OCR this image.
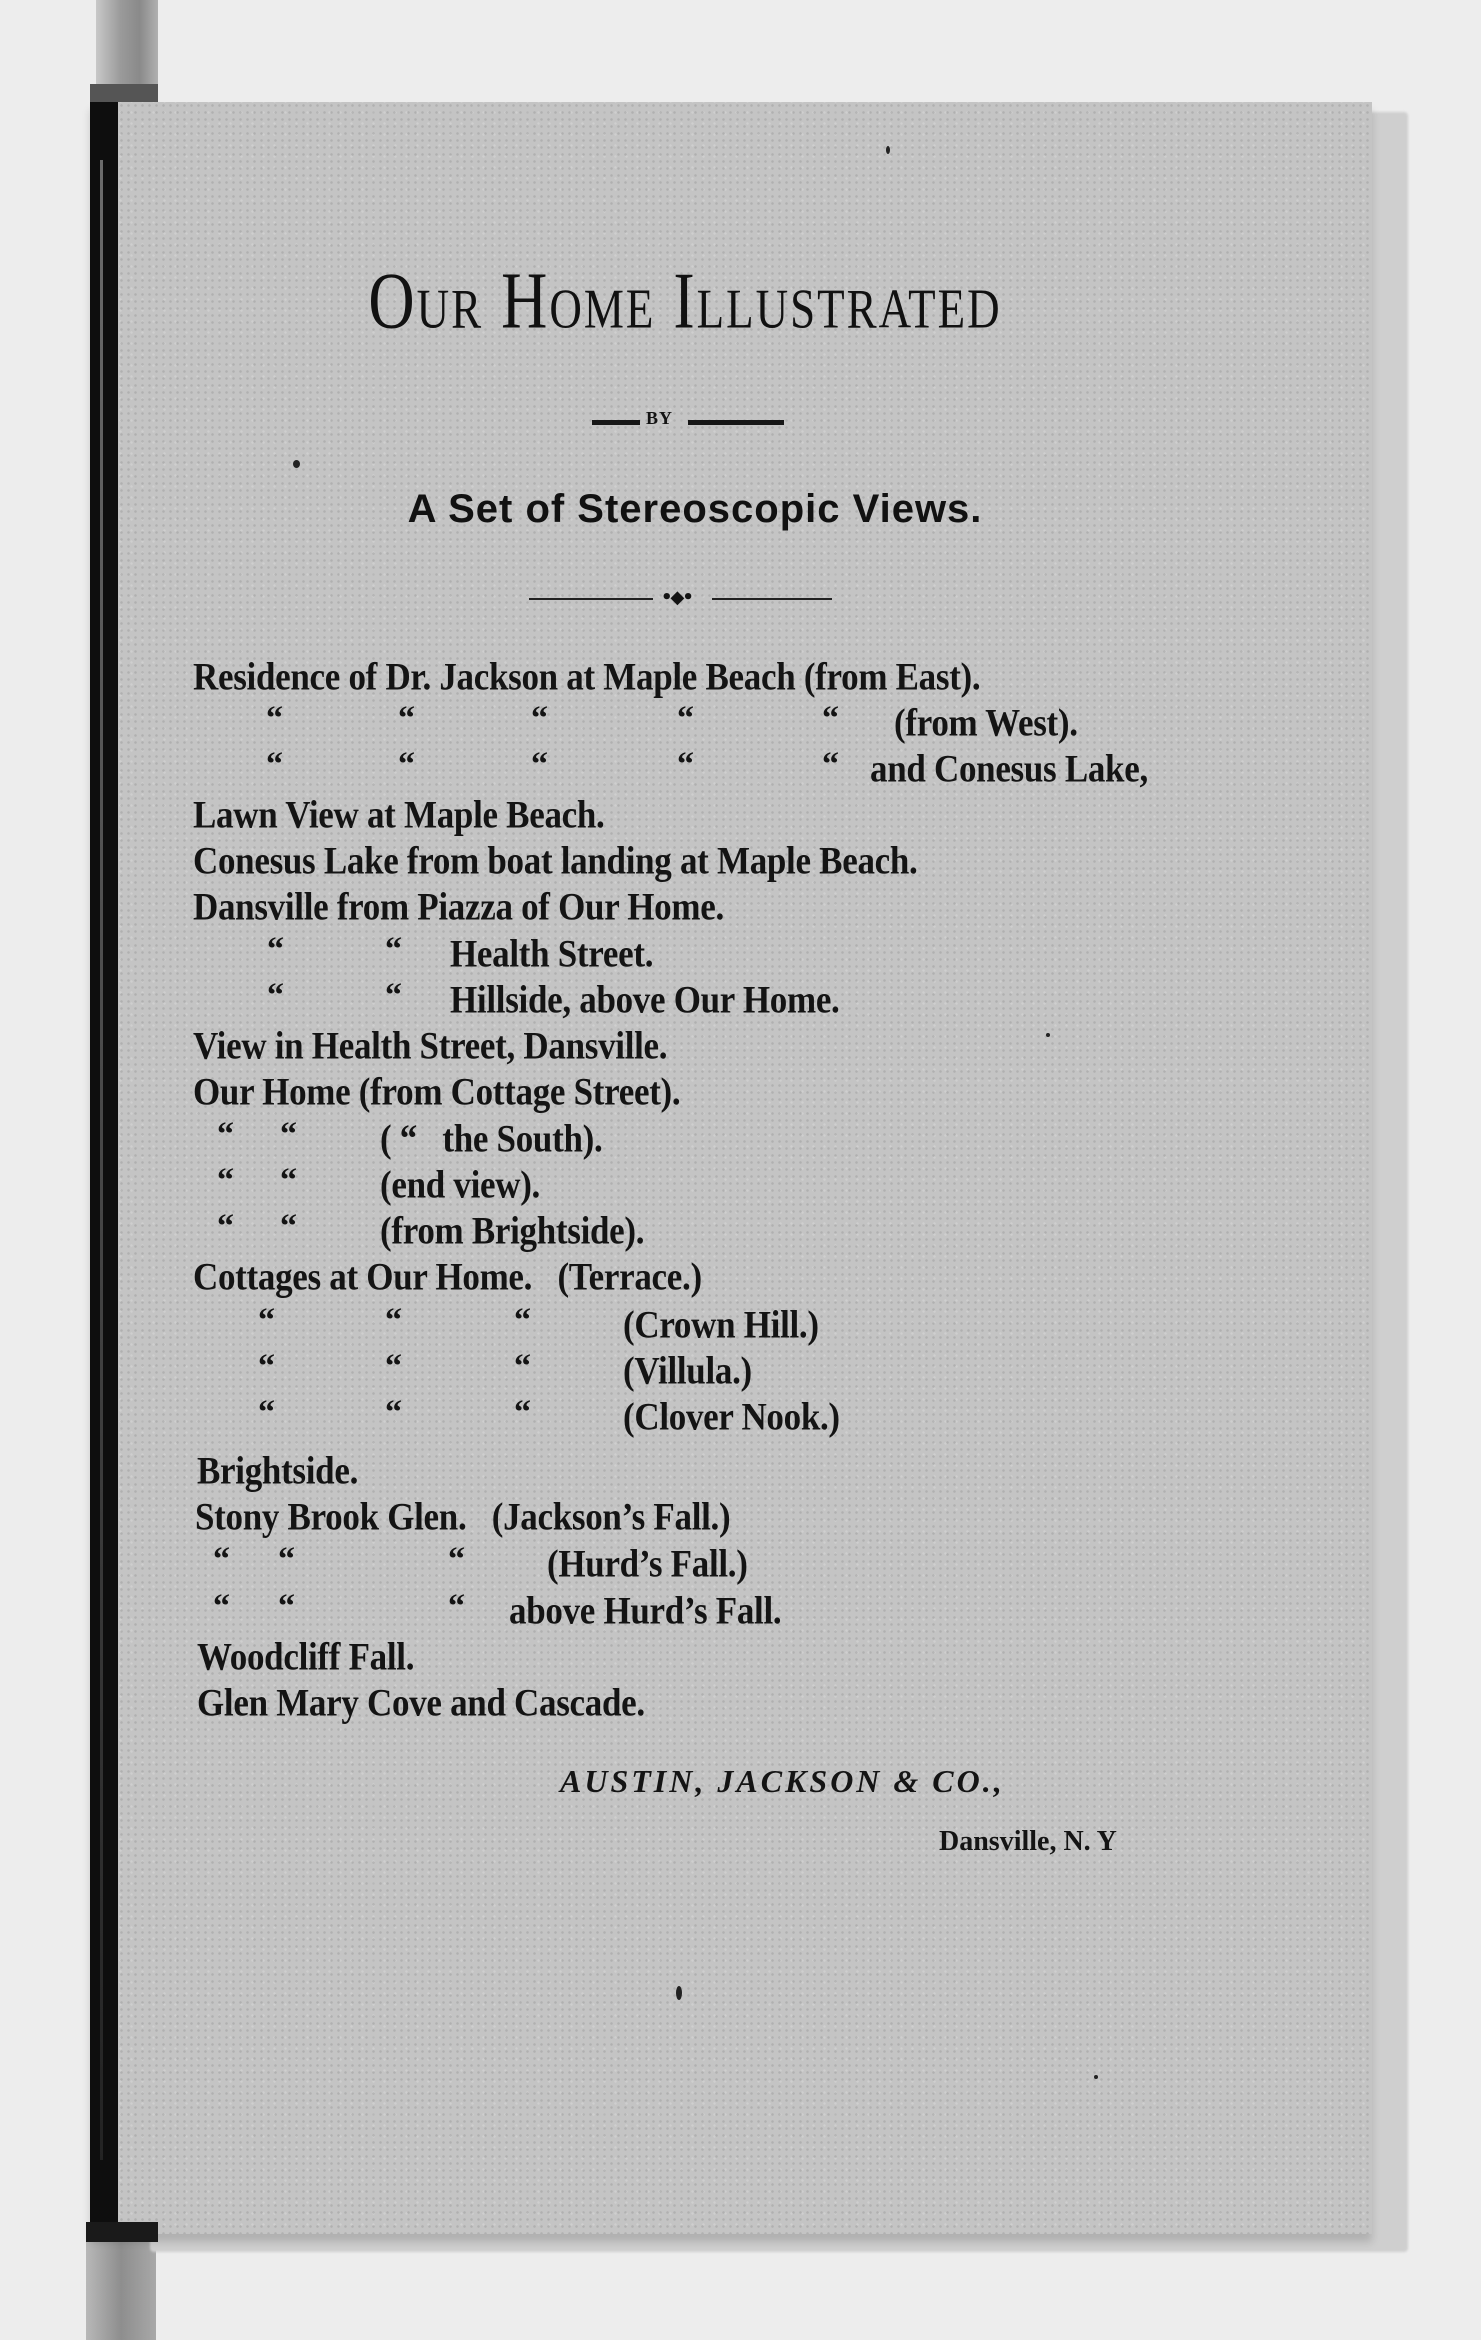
Our Home Illustrated
BY
A Set of Stereoscopic Views.
•◆•
Residence of Dr. Jackson at Maple Beach (from East).
“	“	“	“	“ (from West).
“	“	“	“	“ and Conesus Lake,
Lawn View at Maple Beach.
Conesus Lake from boat landing at Maple Beach.
Dansville from Piazza of Our Home.
“	“ Health Street.
“	“ Hillside, above Our Home.
View in Health Street, Dansville.
Our Home (from Cottage Street).
“ “ ( “   the South).
“ “ (end view).
“ “ (from Brightside).
Cottages at Our Home.   (Terrace.)
“	“	“	(Crown Hill.)
“	“	“	(Villula.)
“	“	“	(Clover Nook.)
Brightside.
Stony Brook Glen.   (Jackson’s Fall.)
“ “	“ (Hurd’s Fall.)
“ “	“ above Hurd’s Fall.
Woodcliff Fall.
Glen Mary Cove and Cascade.
AUSTIN, JACKSON & CO.,
Dansville, N. Y
